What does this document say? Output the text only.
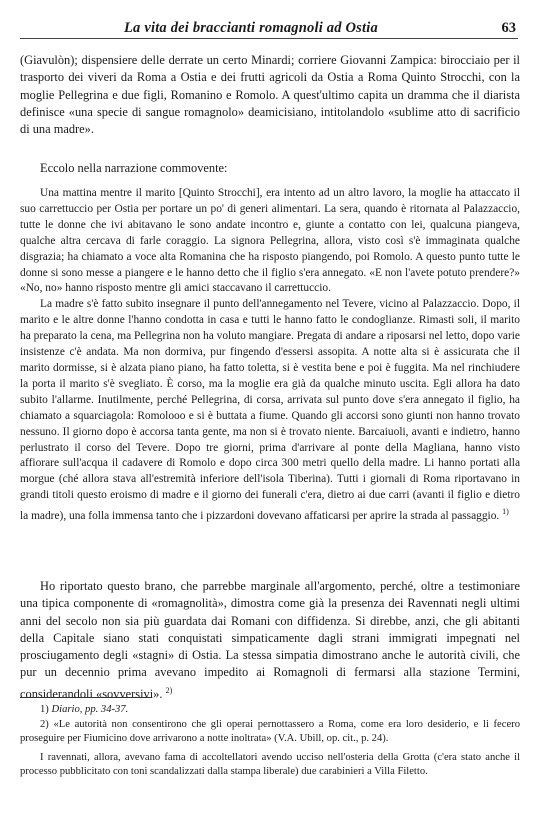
La vita dei braccianti romagnoli ad Ostia	63

(Giavulòn); dispensiere delle derrate un certo Minardi; corriere Giovanni Zampica: birocciaio per il trasporto dei viveri da Roma a Ostia e dei frutti agricoli da Ostia a Roma Quinto Strocchi, con la moglie Pellegrina e due figli, Romanino e Romolo. A quest'ultimo capita un dramma che il diarista definisce «una specie di sangue romagnolo» deamicisiano, intitolandolo «sublime atto di sacrificio di una madre».

Eccolo nella narrazione commovente:

Una mattina mentre il marito [Quinto Strocchi], era intento ad un altro lavoro, la moglie ha attaccato il suo carrettuccio per Ostia per portare un po' di generi alimentari. La sera, quando è ritornata al Palazzaccio, tutte le donne che ivi abitavano le sono andate incontro e, giunte a contatto con lei, qualcuna piangeva, qualche altra cercava di farle coraggio. La signora Pellegrina, allora, visto così s'è immaginata qualche disgrazia; ha chiamato a voce alta Romanina che ha risposto piangendo, poi Romolo. A questo punto tutte le donne si sono messe a piangere e le hanno detto che il figlio s'era annegato. «E non l'avete potuto prendere?» «No, no» hanno risposto mentre gli amici staccavano il carrettuccio.

La madre s'è fatto subito insegnare il punto dell'annegamento nel Tevere, vicino al Palazzaccio. Dopo, il marito e le altre donne l'hanno condotta in casa e tutti le hanno fatto le condoglianze. Rimasti soli, il marito ha preparato la cena, ma Pellegrina non ha voluto mangiare. Pregata di andare a riposarsi nel letto, dopo varie insistenze c'è andata. Ma non dormiva, pur fingendo d'essersi assopita. A notte alta si è assicurata che il marito dormisse, si è alzata piano piano, ha fatto toletta, si è vestita bene e poi è fuggita. Ma nel rinchiudere la porta il marito s'è svegliato. È corso, ma la moglie era già da qualche minuto uscita. Egli allora ha dato subito l'allarme. Inutilmente, perché Pellegrina, di corsa, arrivata sul punto dove s'era annegato il figlio, ha chiamato a squarciagola: Romolooo e si è buttata a fiume. Quando gli accorsi sono giunti non hanno trovato nessuno. Il giorno dopo è accorsa tanta gente, ma non si è trovato niente. Barcaiuoli, avanti e indietro, hanno perlustrato il corso del Tevere. Dopo tre giorni, prima d'arrivare al ponte della Magliana, hanno visto affiorare sull'acqua il cadavere di Romolo e dopo circa 300 metri quello della madre. Li hanno portati alla morgue (ché allora stava all'estremità inferiore dell'isola Tiberina). Tutti i giornali di Roma riportavano in grandi titoli questo eroismo di madre e il giorno dei funerali c'era, dietro ai due carri (avanti il figlio e dietro la madre), una folla immensa tanto che i pizzardoni dovevano affaticarsi per aprire la strada al passaggio. $^{1)}$

Ho riportato questo brano, che parrebbe marginale all'argomento, perché, oltre a testimoniare una tipica componente di «romagnolità», dimostra come già la presenza dei Ravennati negli ultimi anni del secolo non sia più guardata dai Romani con diffidenza. Si direbbe, anzi, che gli abitanti della Capitale siano stati conquistati simpaticamente dagli strani immigrati impegnati nel prosciugamento degli «stagni» di Ostia. La stessa simpatia dimostrano anche le autorità civili, che pur un decennio prima avevano impedito ai Romagnoli di fermarsi alla stazione Termini, considerandoli «sovversivi». $^{2)}$

1) Diario, pp. 34-37.

2) «Le autorità non consentirono che gli operai pernottassero a Roma, come era loro desiderio, e li fecero proseguire per Fiumicino dove arrivarono a notte inoltrata» (V.A. Ubill, op. cit., p. 24).

I ravennati, allora, avevano fama di accoltellatori avendo ucciso nell'osteria della Grotta (c'era stato anche il processo pubblicitato con toni scandalizzati dalla stampa liberale) due carabinieri a Villa Filetto.
